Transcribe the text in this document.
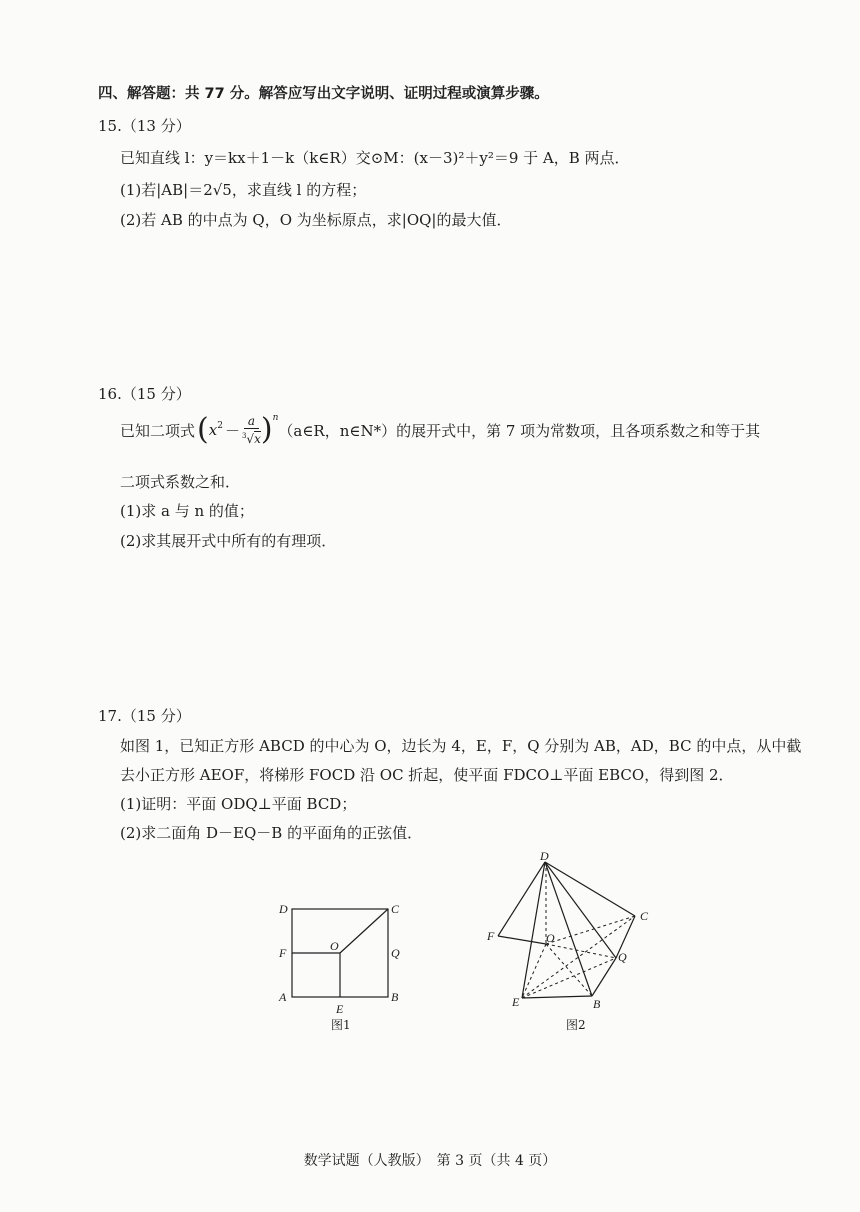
四、解答题：共 77 分。解答应写出文字说明、证明过程或演算步骤。
15.（13 分）
已知直线 l：y＝kx＋1－k（k∈R）交⊙M：(x－3)²＋y²＝9 于 A，B 两点．
(1)若|AB|＝2√5，求直线 l 的方程；
(2)若 AB 的中点为 Q，O 为坐标原点，求|OQ|的最大值．
16.（15 分）
已知二项式 ( $x^2 - \frac{a}{^3√x} )^n$
（a∈R，n∈N*）的展开式中，第 7 项为常数项，且各项系数之和等于其
二项式系数之和．
(1)求 a 与 n 的值；
(2)求其展开式中所有的有理项．
17.（15 分）
如图 1，已知正方形 ABCD 的中心为 O，边长为 4，E，F，Q 分别为 AB，AD，BC 的中点，从中截
去小正方形 AEOF，将梯形 FOCD 沿 OC 折起，使平面 FDCO⊥平面 EBCO，得到图 2．
(1)证明：平面 ODQ⊥平面 BCD；
(2)求二面角 D－EQ－B 的平面角的正弦值．
D	C
F	O	Q
A	B
E
图1
D
C
F	O
Q
E	B
图2
数学试题（人教版）　第 3 页（共 4 页）
